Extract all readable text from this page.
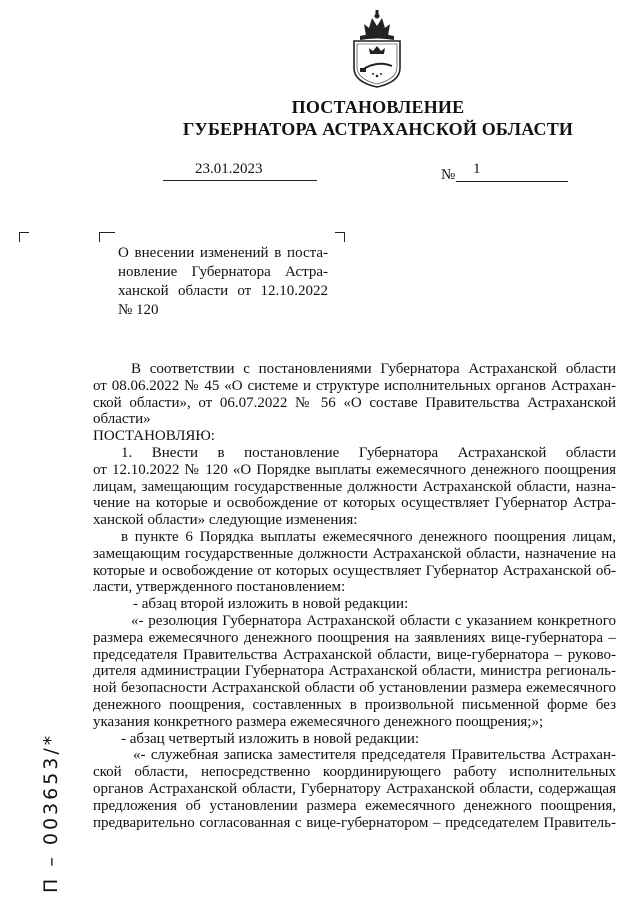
ПОСТАНОВЛЕНИЕ
ГУБЕРНАТОРА АСТРАХАНСКОЙ ОБЛАСТИ
23.01.2023	№ 1
О внесении изменений в поста-
новление Губернатора Астра-
ханской области от 12.10.2022
№ 120
В соответствии с постановлениями Губернатора Астраханской области
от 08.06.2022 № 45 «О системе и структуре исполнительных органов Астрахан-
ской области», от 06.07.2022 № 56 «О составе Правительства Астраханской
области»
ПОСТАНОВЛЯЮ:
1. Внести в постановление Губернатора Астраханской области
от 12.10.2022 № 120 «О Порядке выплаты ежемесячного денежного поощрения
лицам, замещающим государственные должности Астраханской области, назна-
чение на которые и освобождение от которых осуществляет Губернатор Астра-
ханской области» следующие изменения:
в пункте 6 Порядка выплаты ежемесячного денежного поощрения лицам,
замещающим государственные должности Астраханской области, назначение на
которые и освобождение от которых осуществляет Губернатор Астраханской об-
ласти, утвержденного постановлением:
- абзац второй изложить в новой редакции:
«- резолюция Губернатора Астраханской области с указанием конкретного
размера ежемесячного денежного поощрения на заявлениях вице-губернатора –
председателя Правительства Астраханской области, вице-губернатора – руково-
дителя администрации Губернатора Астраханской области, министра региональ-
ной безопасности Астраханской области об установлении размера ежемесячного
денежного поощрения, составленных в произвольной письменной форме без
указания конкретного размера ежемесячного денежного поощрения;»;
- абзац четвертый изложить в новой редакции:
«- служебная записка заместителя председателя Правительства Астрахан-
ской области, непосредственно координирующего работу исполнительных
органов Астраханской области, Губернатору Астраханской области, содержащая
предложения об установлении размера ежемесячного денежного поощрения,
предварительно согласованная с вице-губернатором – председателем Правитель-
П – 003653/*
